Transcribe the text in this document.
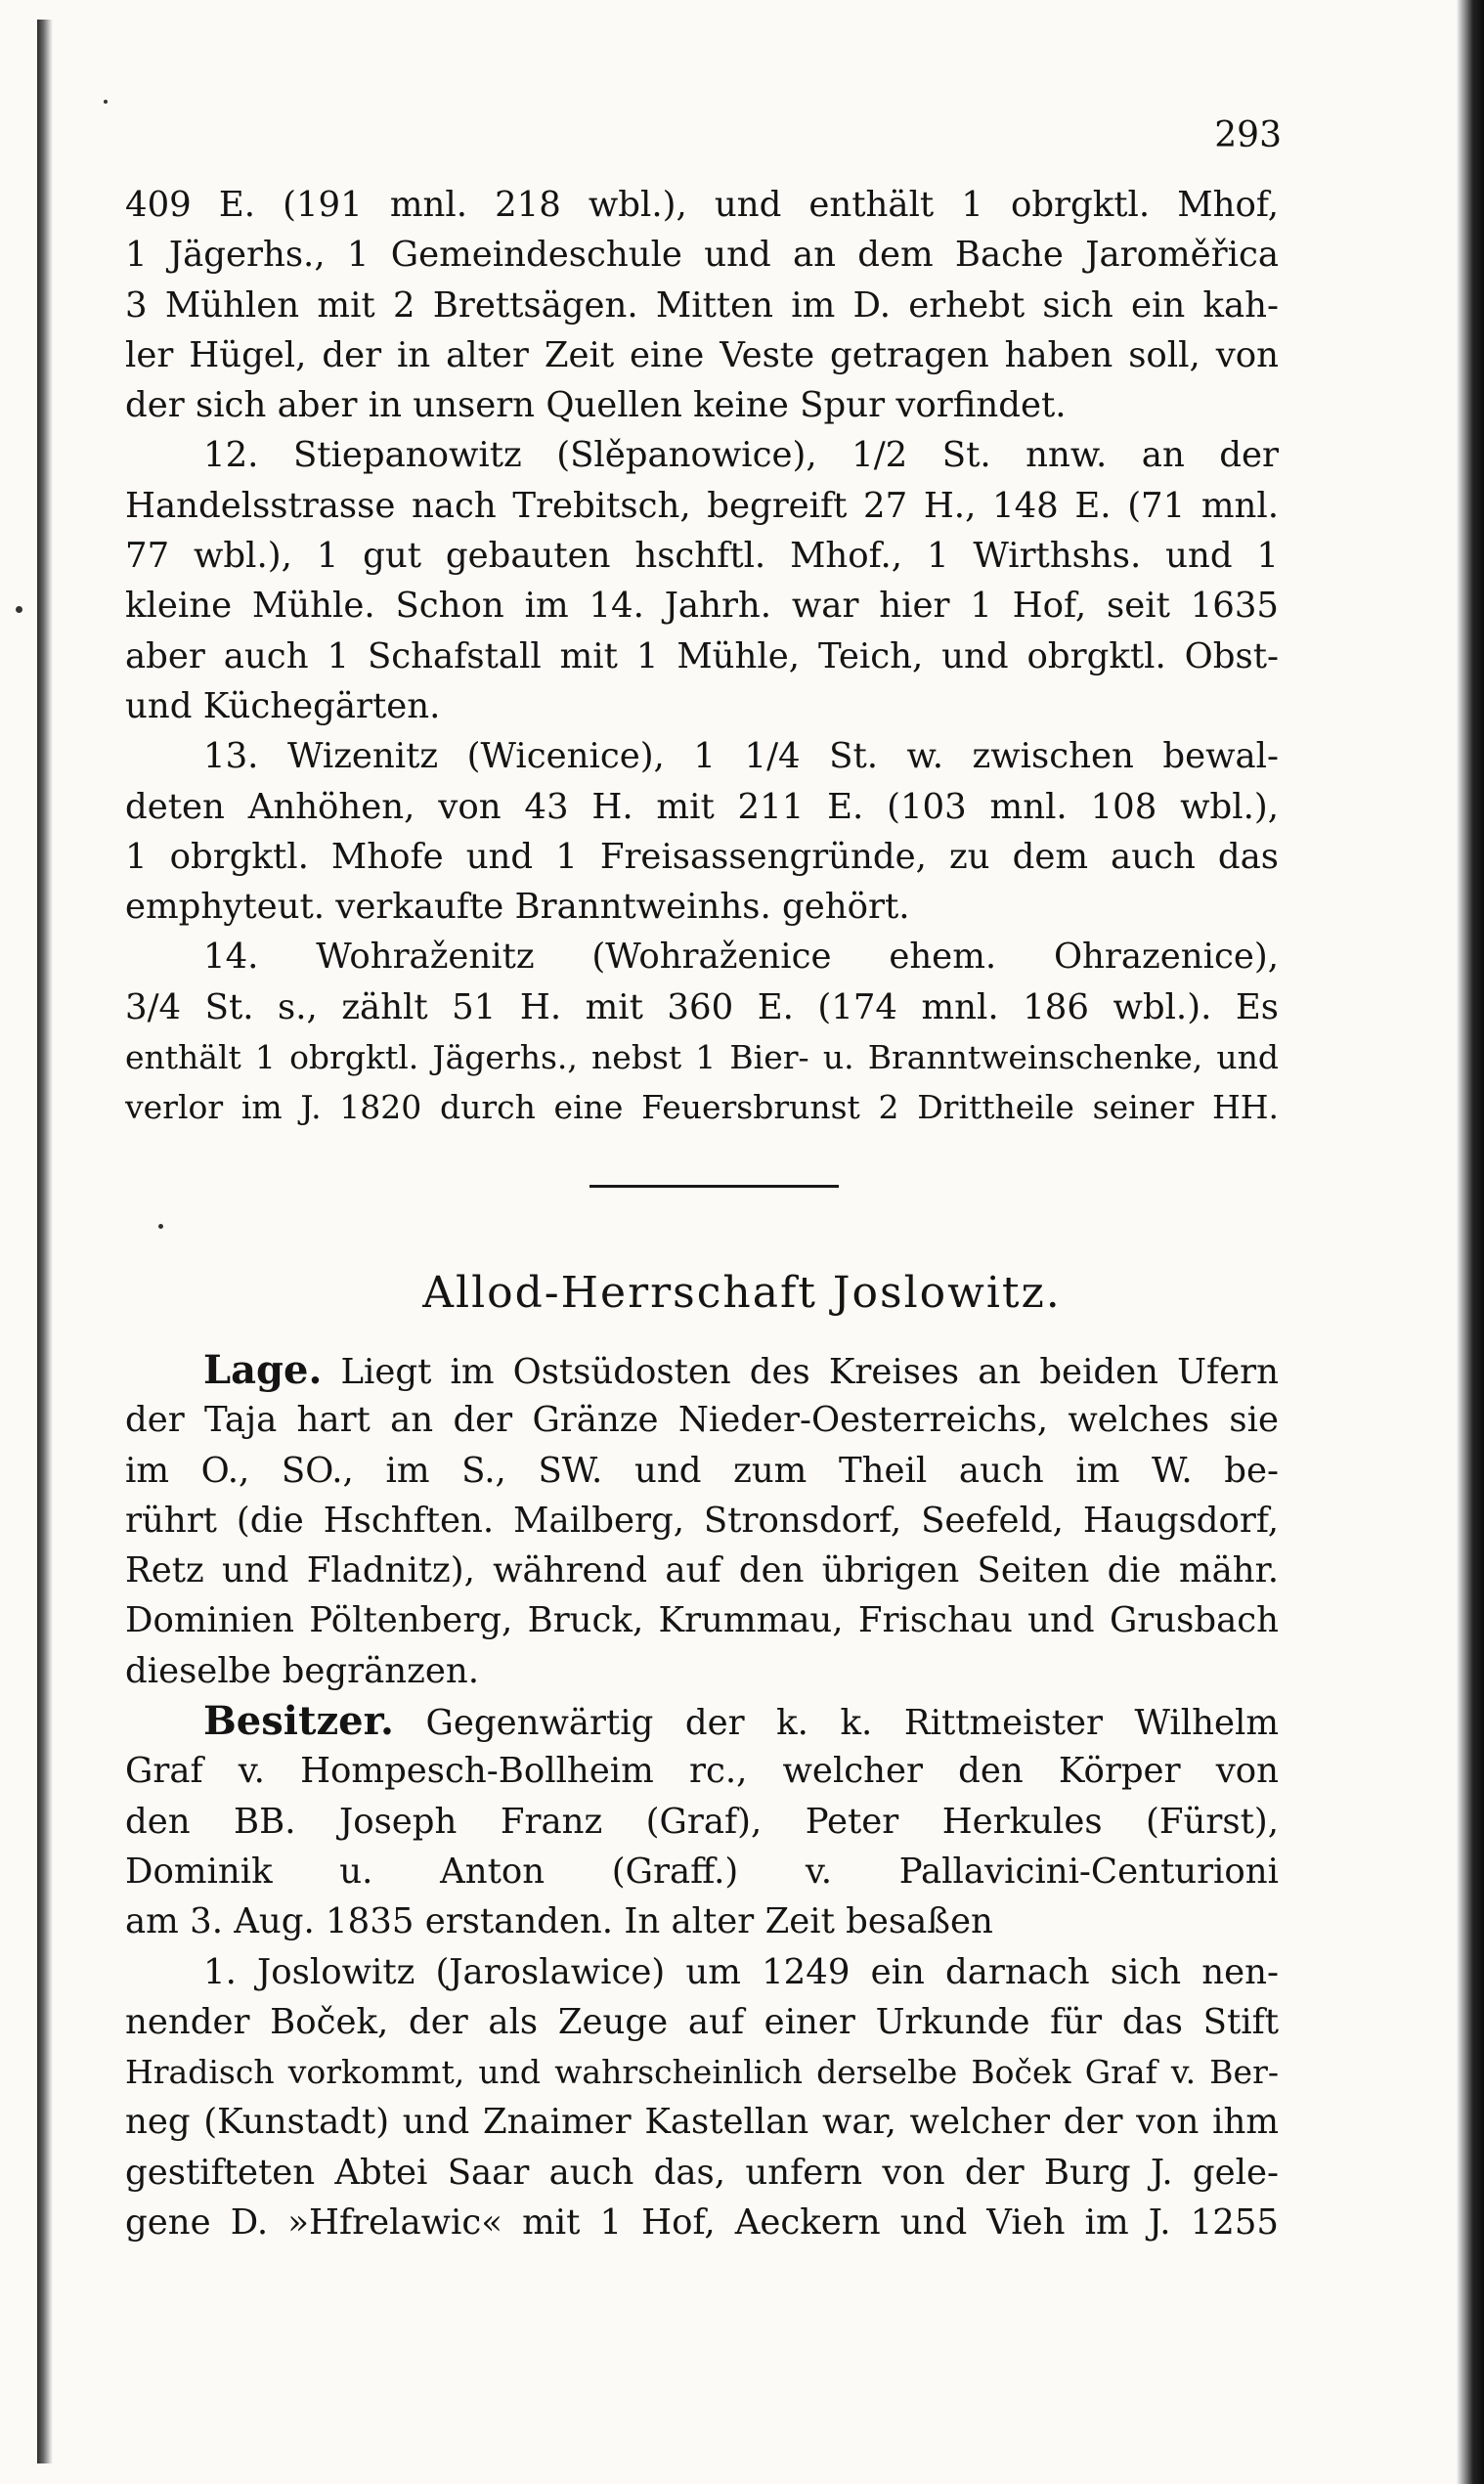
293
409 E. (191 mnl. 218 wbl.), und enthält 1 obrgktl. Mhof,
1 Jägerhs., 1 Gemeindeschule und an dem Bache Jaroměřica
3 Mühlen mit 2 Brettsägen. Mitten im D. erhebt sich ein kah-
ler Hügel, der in alter Zeit eine Veste getragen haben soll, von
der sich aber in unsern Quellen keine Spur vorfindet.
12. Stiepanowitz (Slěpanowice), 1/2 St. nnw. an der
Handelsstrasse nach Trebitsch, begreift 27 H., 148 E. (71 mnl.
77 wbl.), 1 gut gebauten hschftl. Mhof., 1 Wirthshs. und 1
kleine Mühle. Schon im 14. Jahrh. war hier 1 Hof, seit 1635
aber auch 1 Schafstall mit 1 Mühle, Teich, und obrgktl. Obst-
und Küchegärten.
13. Wizenitz (Wicenice), 1 1/4 St. w. zwischen bewal-
deten Anhöhen, von 43 H. mit 211 E. (103 mnl. 108 wbl.),
1 obrgktl. Mhofe und 1 Freisassengründe, zu dem auch das
emphyteut. verkaufte Branntweinhs. gehört.
14. Wohraženitz (Wohraženice ehem. Ohrazenice),
3/4 St. s., zählt 51 H. mit 360 E. (174 mnl. 186 wbl.). Es
enthält 1 obrgktl. Jägerhs., nebst 1 Bier- u. Branntweinschenke, und
verlor im J. 1820 durch eine Feuersbrunst 2 Drittheile seiner HH.
Allod-Herrschaft Joslowitz.
Lage. Liegt im Ostsüdosten des Kreises an beiden Ufern
der Taja hart an der Gränze Nieder-Oesterreichs, welches sie
im O., SO., im S., SW. und zum Theil auch im W. be-
rührt (die Hschften. Mailberg, Stronsdorf, Seefeld, Haugsdorf,
Retz und Fladnitz), während auf den übrigen Seiten die mähr.
Dominien Pöltenberg, Bruck, Krummau, Frischau und Grusbach
dieselbe begränzen.
Besitzer. Gegenwärtig der k. k. Rittmeister Wilhelm
Graf v. Hompesch-Bollheim rc., welcher den Körper von
den BB. Joseph Franz (Graf), Peter Herkules (Fürst),
Dominik u. Anton (Graff.) v. Pallavicini-Centurioni
am 3. Aug. 1835 erstanden. In alter Zeit besaßen
1. Joslowitz (Jaroslawice) um 1249 ein darnach sich nen-
nender Boček, der als Zeuge auf einer Urkunde für das Stift
Hradisch vorkommt, und wahrscheinlich derselbe Boček Graf v. Ber-
neg (Kunstadt) und Znaimer Kastellan war, welcher der von ihm
gestifteten Abtei Saar auch das, unfern von der Burg J. gele-
gene D. »Hfrelawic« mit 1 Hof, Aeckern und Vieh im J. 1255
